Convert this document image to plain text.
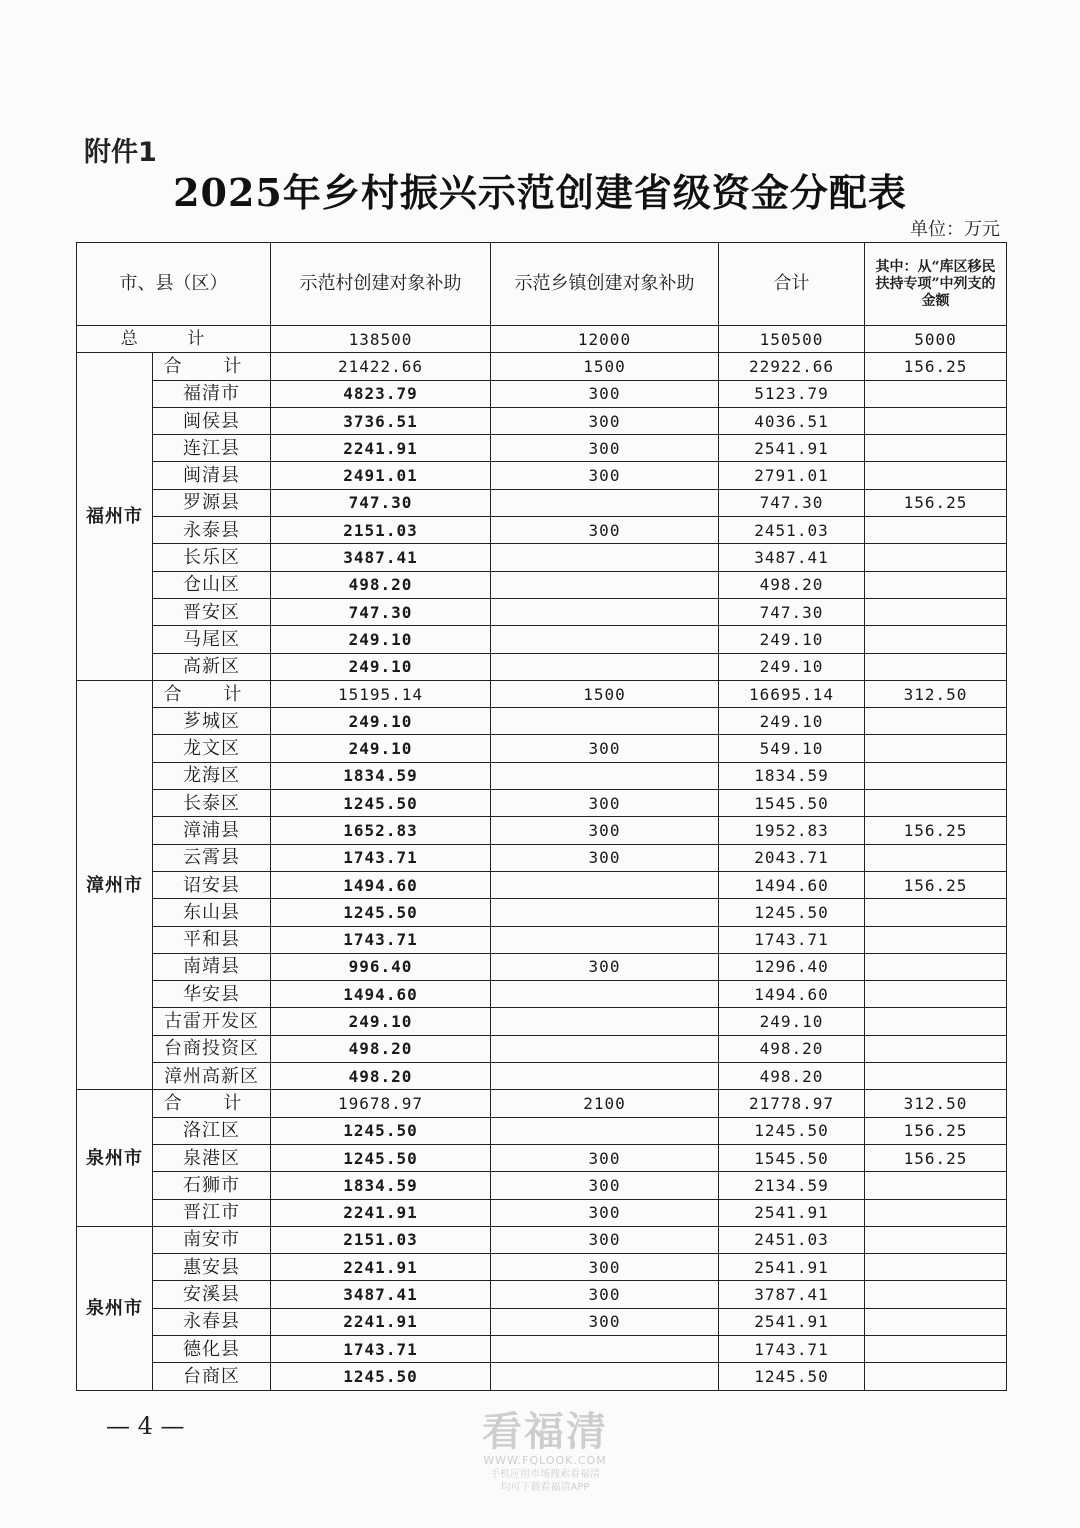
附件1
2025年乡村振兴示范创建省级资金分配表
单位：万元
市、县（区）		示范村创建对象补助	示范乡镇创建对象补助	合计	其中：从“库区移民扶持专项”中列支的金额
总 计		138500	12000	150500	5000
福州市	合 计	21422.66	1500	22922.66	156.25
	福清市	4823.79	300	5123.79	
	闽侯县	3736.51	300	4036.51	
	连江县	2241.91	300	2541.91	
	闽清县	2491.01	300	2791.01	
	罗源县	747.30		747.30	156.25
	永泰县	2151.03	300	2451.03	
	长乐区	3487.41		3487.41	
	仓山区	498.20		498.20	
	晋安区	747.30		747.30	
	马尾区	249.10		249.10	
	高新区	249.10		249.10	
漳州市	合 计	15195.14	1500	16695.14	312.50
	芗城区	249.10		249.10	
	龙文区	249.10	300	549.10	
	龙海区	1834.59		1834.59	
	长泰区	1245.50	300	1545.50	
	漳浦县	1652.83	300	1952.83	156.25
	云霄县	1743.71	300	2043.71	
	诏安县	1494.60		1494.60	156.25
	东山县	1245.50		1245.50	
	平和县	1743.71		1743.71	
	南靖县	996.40	300	1296.40	
	华安县	1494.60		1494.60	
	古雷开发区	249.10		249.10	
	台商投资区	498.20		498.20	
	漳州高新区	498.20		498.20	
泉州市	合 计	19678.97	2100	21778.97	312.50
	洛江区	1245.50		1245.50	156.25
	泉港区	1245.50	300	1545.50	156.25
	石狮市	1834.59	300	2134.59	
	晋江市	2241.91	300	2541.91	
泉州市	南安市	2151.03	300	2451.03	
	惠安县	2241.91	300	2541.91	
	安溪县	3487.41	300	3787.41	
	永春县	2241.91	300	2541.91	
	德化县	1743.71		1743.71	
	台商区	1245.50		1245.50	
— 4 —	看福清
WWW.FQLOOK.COM
手机应用市场搜索看福清
均可下载看福清APP
